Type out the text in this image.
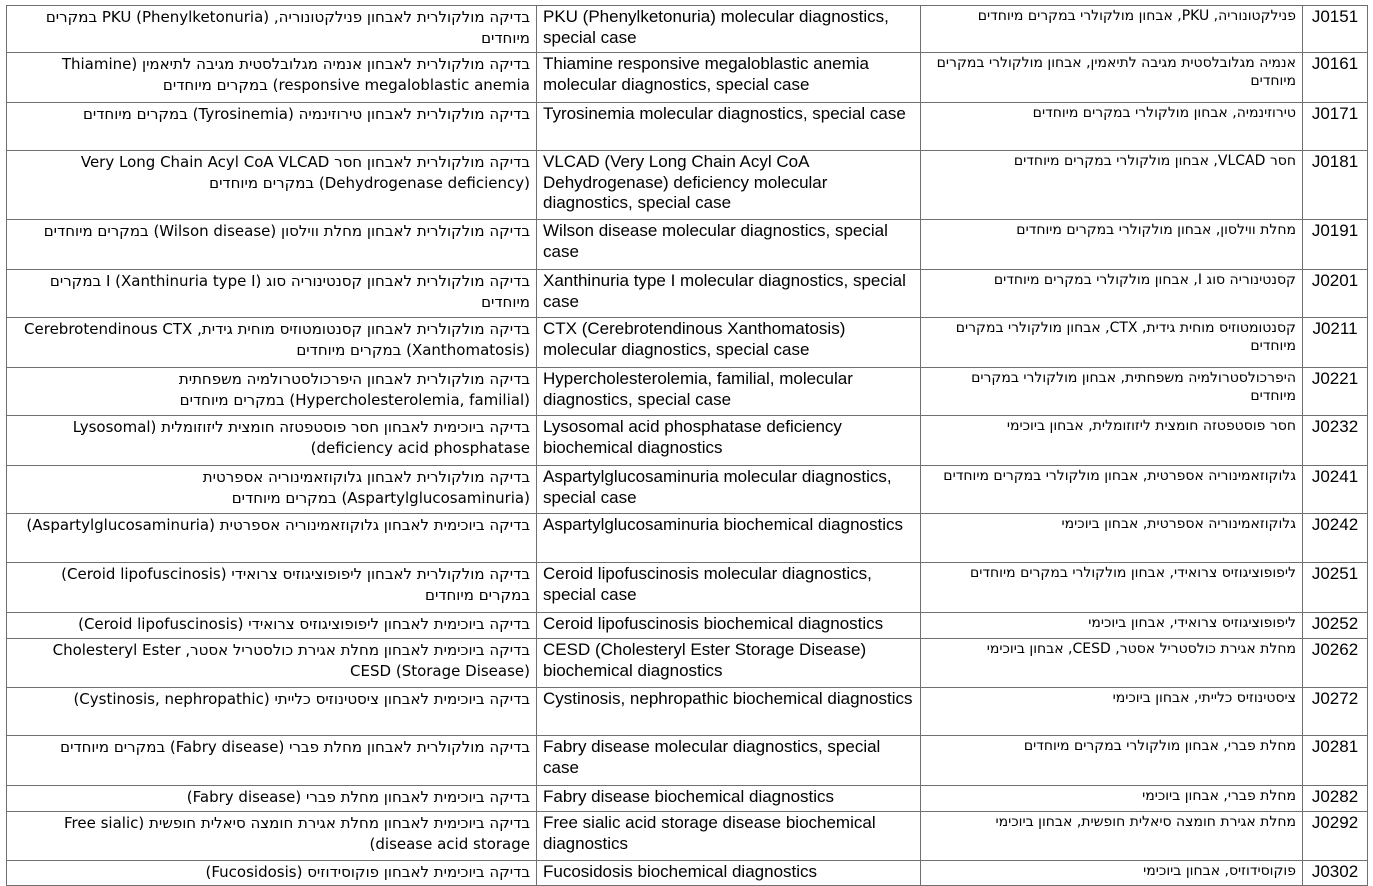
בדיקה מולקולרית לאבחון פנילקטונוריה, PKU (Phenylketonuria) במקרים מיוחדים	PKU (Phenylketonuria) molecular diagnostics, special case	פנילקטונוריה, PKU, אבחון מולקולרי במקרים מיוחדים	J0151

בדיקה מולקולרית לאבחון אנמיה מגלובלסטית מגיבה לתיאמין (Thiamine responsive megaloblastic anemia) במקרים מיוחדים	Thiamine responsive megaloblastic anemia molecular diagnostics, special case	אנמיה מגלובלסטית מגיבה לתיאמין, אבחון מולקולרי במקרים מיוחדים	J0161

בדיקה מולקולרית לאבחון טירוזינמיה (Tyrosinemia) במקרים מיוחדים	Tyrosinemia molecular diagnostics, special case	טירוזינמיה, אבחון מולקולרי במקרים מיוחדים	J0171

בדיקה מולקולרית לאבחון חסר Very Long Chain Acyl CoA VLCAD (Dehydrogenase deficiency) במקרים מיוחדים	VLCAD (Very Long Chain Acyl CoA Dehydrogenase) deficiency molecular diagnostics, special case	חסר VLCAD, אבחון מולקולרי במקרים מיוחדים	J0181

בדיקה מולקולרית לאבחון מחלת ווילסון (Wilson disease) במקרים מיוחדים	Wilson disease molecular diagnostics, special case	מחלת ווילסון, אבחון מולקולרי במקרים מיוחדים	J0191

בדיקה מולקולרית לאבחון קסנטינוריה סוג I (Xanthinuria type I) במקרים מיוחדים	Xanthinuria type I molecular diagnostics, special case	קסנטינוריה סוג I, אבחון מולקולרי במקרים מיוחדים	J0201

בדיקה מולקולרית לאבחון קסנטומטוזיס מוחית גידית, Cerebrotendinous CTX (Xanthomatosis) במקרים מיוחדים	CTX (Cerebrotendinous Xanthomatosis) molecular diagnostics, special case	קסנטומטוזיס מוחית גידית, CTX, אבחון מולקולרי במקרים מיוחדים	J0211

בדיקה מולקולרית לאבחון היפרכולסטרולמיה משפחתית (Hypercholesterolemia, familial) במקרים מיוחדים	Hypercholesterolemia, familial, molecular diagnostics, special case	היפרכולסטרולמיה משפחתית, אבחון מולקולרי במקרים מיוחדים	J0221

בדיקה ביוכימית לאבחון חסר פוסטפטזה חומצית ליזוזומלית (Lysosomal deficiency acid phosphatase)	Lysosomal acid phosphatase deficiency biochemical diagnostics	חסר פוסטפטזה חומצית ליזוזומלית, אבחון ביוכימי	J0232

בדיקה מולקולרית לאבחון גלוקוזאמינוריה אספרטית (Aspartylglucosaminuria) במקרים מיוחדים	Aspartylglucosaminuria molecular diagnostics, special case	גלוקוזאמינוריה אספרטית, אבחון מולקולרי במקרים מיוחדים	J0241

בדיקה ביוכימית לאבחון גלוקוזאמינוריה אספרטית (Aspartylglucosaminuria)	Aspartylglucosaminuria biochemical diagnostics	גלוקוזאמינוריה אספרטית, אבחון ביוכימי	J0242

בדיקה מולקולרית לאבחון ליפופוציגוזיס צרואידי (Ceroid lipofuscinosis) במקרים מיוחדים	Ceroid lipofuscinosis molecular diagnostics, special case	ליפופוציגוזיס צרואידי, אבחון מולקולרי במקרים מיוחדים	J0251

בדיקה ביוכימית לאבחון ליפופוציגוזיס צרואידי (Ceroid lipofuscinosis)	Ceroid lipofuscinosis biochemical diagnostics	ליפופוציגוזיס צרואידי, אבחון ביוכימי	J0252

בדיקה ביוכימית לאבחון מחלת אגירת כולסטריל אסטר, Cholesteryl Ester CESD (Storage Disease)	CESD (Cholesteryl Ester Storage Disease) biochemical diagnostics	מחלת אגירת כולסטריל אסטר, CESD, אבחון ביוכימי	J0262

בדיקה ביוכימית לאבחון ציסטינוזיס כלייתי (Cystinosis, nephropathic)	Cystinosis, nephropathic biochemical diagnostics	ציסטינוזיס כלייתי, אבחון ביוכימי	J0272

בדיקה מולקולרית לאבחון מחלת פברי (Fabry disease) במקרים מיוחדים	Fabry disease molecular diagnostics, special case	מחלת פברי, אבחון מולקולרי במקרים מיוחדים	J0281

בדיקה ביוכימית לאבחון מחלת פברי (Fabry disease)	Fabry disease biochemical diagnostics	מחלת פברי, אבחון ביוכימי	J0282

בדיקה ביוכימית לאבחון מחלת אגירת חומצה סיאלית חופשית (Free sialic disease acid storage)	Free sialic acid storage disease biochemical diagnostics	מחלת אגירת חומצה סיאלית חופשית, אבחון ביוכימי	J0292

בדיקה ביוכימית לאבחון פוקוסידוזיס (Fucosidosis)	Fucosidosis biochemical diagnostics	פוקוסידוזיס, אבחון ביוכימי	J0302
